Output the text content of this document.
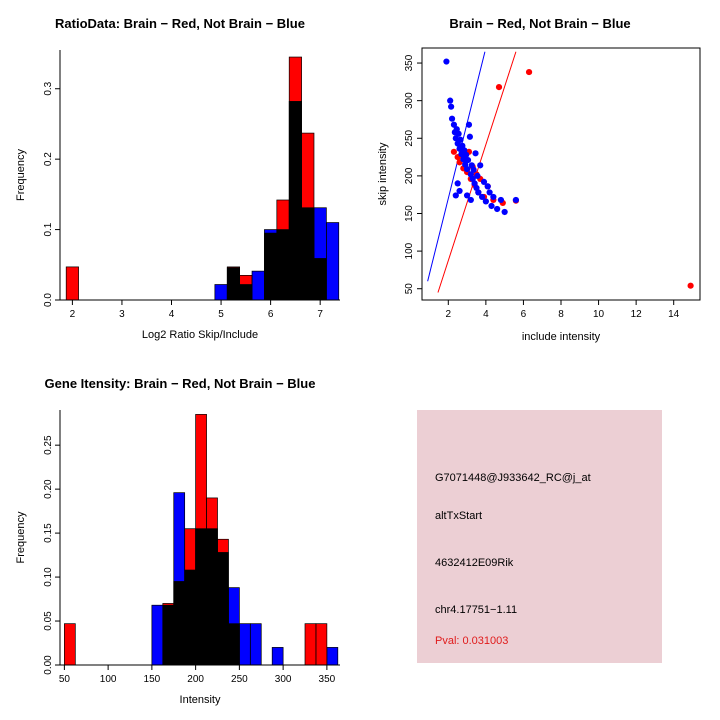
RatioData: Brain − Red, Not Brain − Blue
2	3	4	5	6	7
0.0
0.1
0.2
0.3
Log2 Ratio Skip/Include
Frequency
Brain − Red, Not Brain − Blue
2	4	6	8	10	12	14
50
100
150
200
250
300
350
include intensity
skip intensity
Gene Itensity: Brain − Red, Not Brain − Blue
50	100	150	200	250	300	350
0.00
0.05
0.10
0.15
0.20
0.25
Intensity
Frequency
G7071448@J933642_RC@j_at
altTxStart
4632412E09Rik
chr4.17751−1.11
Pval: 0.031003
